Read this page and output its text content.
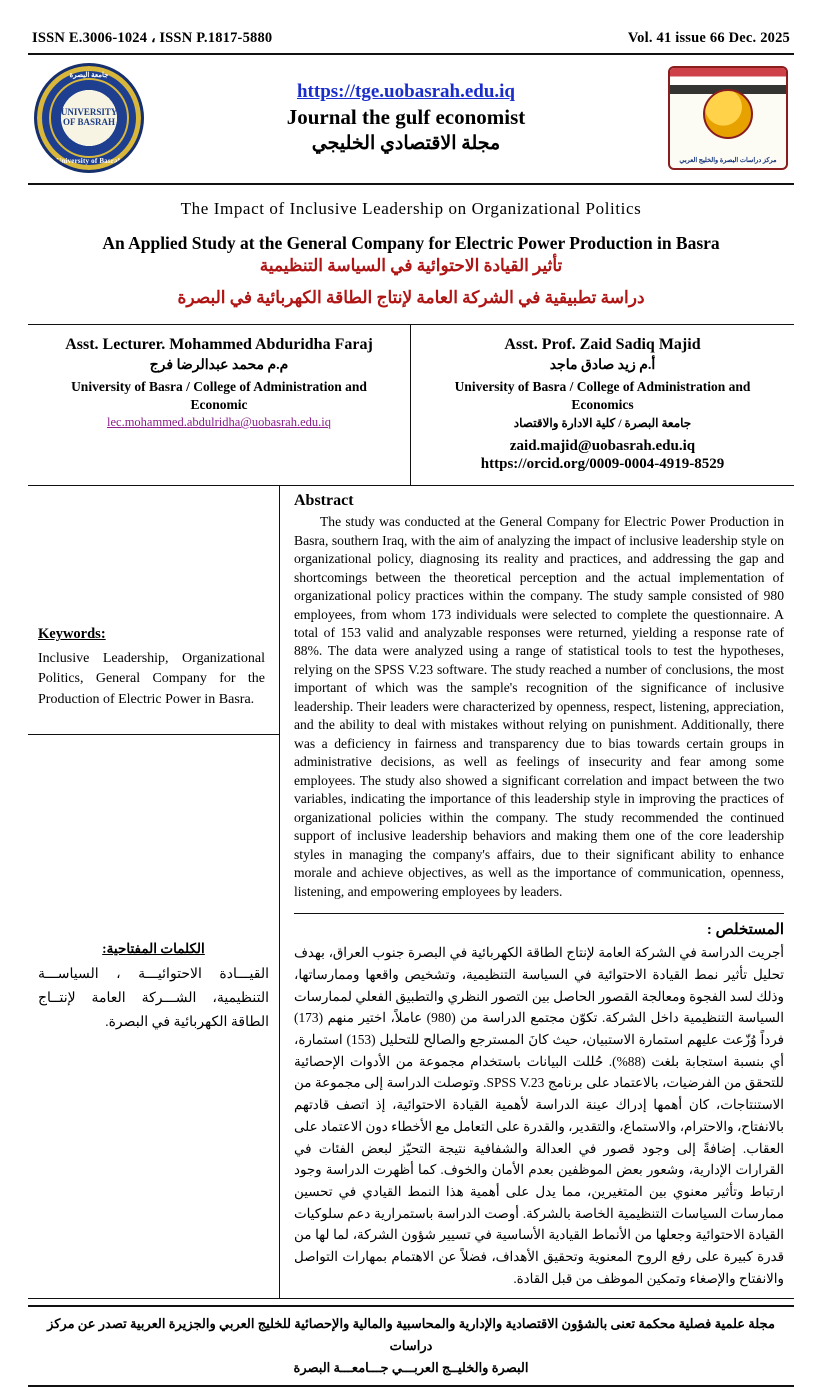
ISSN E.3006-1024 ، ISSN P.1817-5880	Vol. 41 issue 66 Dec. 2025
جامعة البصرة
UNIVERSITY OF BASRAH
University of Basrah
https://tge.uobasrah.edu.iq
Journal the gulf economist
مجلة الاقتصادي الخليجي
مركز دراسات البصرة والخليج العربي
The Impact of Inclusive Leadership on Organizational Politics
An Applied Study at the General Company for Electric Power Production in Basra
تأثير القيادة الاحتوائية في السياسة التنظيمية
دراسة تطبيقية في الشركة العامة لإنتاج الطاقة الكهربائية في البصرة
Asst. Lecturer. Mohammed Abduridha Faraj
م.م محمد عبدالرضا فرج
University of Basra / College of Administration and Economic
lec.mohammed.abdulridha@uobasrah.edu.iq
Asst. Prof. Zaid Sadiq Majid
أ.م زيد صادق ماجد
University of Basra / College of Administration and Economics
جامعة البصرة / كلية الادارة والاقتصاد
zaid.majid@uobasrah.edu.iq
https://orcid.org/0009-0004-4919-8529
Keywords:
Inclusive Leadership, Organizational Politics, General Company for the Production of Electric Power in Basra.
الكلمات المفتاحية:
القيـــادة الاحتوائيـــة ، السياســـة التنظيمية، الشـــركة العامة لإنتــاج الطاقة الكهربائية في البصرة.
Abstract
The study was conducted at the General Company for Electric Power Production in Basra, southern Iraq, with the aim of analyzing the impact of inclusive leadership style on organizational policy, diagnosing its reality and practices, and addressing the gap and shortcomings between the theoretical perception and the actual implementation of organizational policy practices within the company. The study sample consisted of 980 employees, from whom 173 individuals were selected to complete the questionnaire. A total of 153 valid and analyzable responses were returned, yielding a response rate of 88%. The data were analyzed using a range of statistical tools to test the hypotheses, relying on the SPSS V.23 software. The study reached a number of conclusions, the most important of which was the sample's recognition of the significance of inclusive leadership. Their leaders were characterized by openness, respect, listening, appreciation, and the ability to deal with mistakes without relying on punishment. Additionally, there was a deficiency in fairness and transparency due to bias towards certain groups in administrative decisions, as well as feelings of insecurity and fear among some employees. The study also showed a significant correlation and impact between the two variables, indicating the importance of this leadership style in improving the practices of organizational policies within the company. The study recommended the continued support of inclusive leadership behaviors and making them one of the core leadership styles in managing the company's affairs, due to their significant ability to enhance morale and achieve objectives, as well as the importance of communication, openness, listening, and empowering employees by leaders.
المستخلص :
أجريت الدراسة في الشركة العامة لإنتاج الطاقة الكهربائية في البصرة جنوب العراق، بهدف تحليل تأثير نمط القيادة الاحتوائية في السياسة التنظيمية، وتشخيص واقعها وممارساتها، وذلك لسد الفجوة ومعالجة القصور الحاصل بين التصور النظري والتطبيق الفعلي لممارسات السياسة التنظيمية داخل الشركة. تكوّن مجتمع الدراسة من (980) عاملاً، اختير منهم (173) فرداً وُزّعت عليهم استمارة الاستبيان، حيث كانَ المسترجع والصالح للتحليل (153) استمارة، أي بنسبة استجابة بلغت (88%). حُللت البيانات باستخدام مجموعة من الأدوات الإحصائية للتحقق من الفرضيات، بالاعتماد على برنامج SPSS V.23. وتوصلت الدراسة إلى مجموعة من الاستنتاجات، كان أهمها إدراك عينة الدراسة لأهمية القيادة الاحتوائية، إذ اتصف قادتهم بالانفتاح، والاحترام، والاستماع، والتقدير، والقدرة على التعامل مع الأخطاء دون الاعتماد على العقاب. إضافةً إلى وجود قصور في العدالة والشفافية نتيجة التحيّز لبعض الفئات في القرارات الإدارية، وشعور بعض الموظفين بعدم الأمان والخوف. كما أظهرت الدراسة وجود ارتباط وتأثير معنوي بين المتغيرين، مما يدل على أهمية هذا النمط القيادي في تحسين ممارسات السياسات التنظيمية الخاصة بالشركة. أوصت الدراسة باستمرارية دعم سلوكيات القيادة الاحتوائية وجعلها من الأنماط القيادية الأساسية في تسيير شؤون الشركة، لما لها من قدرة كبيرة على رفع الروح المعنوية وتحقيق الأهداف، فضلاً عن الاهتمام بمهارات التواصل والانفتاح والإصغاء وتمكين الموظف من قبل القادة.
مجلة علمية فصلية محكمة تعنى بالشؤون الاقتصادية والإدارية والمحاسبية والمالية والإحصائية للخليج العربي والجزيرة العربية تصدر عن مركز دراسات
البصرة والخليــج العربـــي جـــامعـــة البصرة
